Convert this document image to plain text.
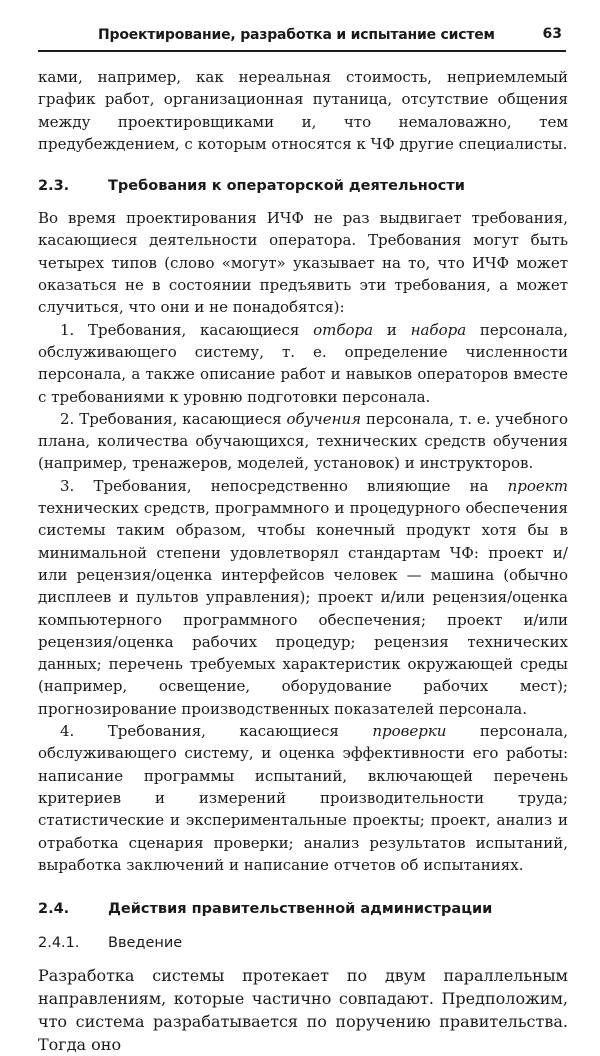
Проектирование, разработка и испытание систем	63

ками, например, как нереальная стоимость, неприемлемый график работ, организационная путаница, отсутствие общения между проектировщиками и, что немаловажно, тем предубеждением, с которым относятся к ЧФ другие специалисты.

2.3.	Требования к операторской деятельности

Во время проектирования ИЧФ не раз выдвигает требования, касающиеся деятельности оператора. Требования могут быть четырех типов (слово «могут» указывает на то, что ИЧФ может оказаться не в состоянии предъявить эти требования, а может случиться, что они и не понадобятся):

1. Требования, касающиеся отбора и набора персонала, обслуживающего систему, т. е. определение численности персонала, а также описание работ и навыков операторов вместе с требованиями к уровню подготовки персонала.

2. Требования, касающиеся обучения персонала, т. е. учебного плана, количества обучающихся, технических средств обучения (например, тренажеров, моделей, установок) и инструкторов.

3. Требования, непосредственно влияющие на проект технических средств, программного и процедурного обеспечения системы таким образом, чтобы конечный продукт хотя бы в минимальной степени удовлетворял стандартам ЧФ: проект и/или рецензия/оценка интерфейсов человек — машина (обычно дисплеев и пультов управления); проект и/или рецензия/оценка компьютерного программного обеспечения; проект и/или рецензия/оценка рабочих процедур; рецензия технических данных; перечень требуемых характеристик окружающей среды (например, освещение, оборудование рабочих мест); прогнозирование производственных показателей персонала.

4. Требования, касающиеся проверки персонала, обслуживающего систему, и оценка эффективности его работы: написание программы испытаний, включающей перечень критериев и измерений производительности труда; статистические и экспериментальные проекты; проект, анализ и отработка сценария проверки; анализ результатов испытаний, выработка заключений и написание отчетов об испытаниях.

2.4.	Действия правительственной администрации

2.4.1. Введение

Разработка системы протекает по двум параллельным направлениям, которые частично совпадают. Предположим, что система разрабатывается по поручению правительства. Тогда оно
